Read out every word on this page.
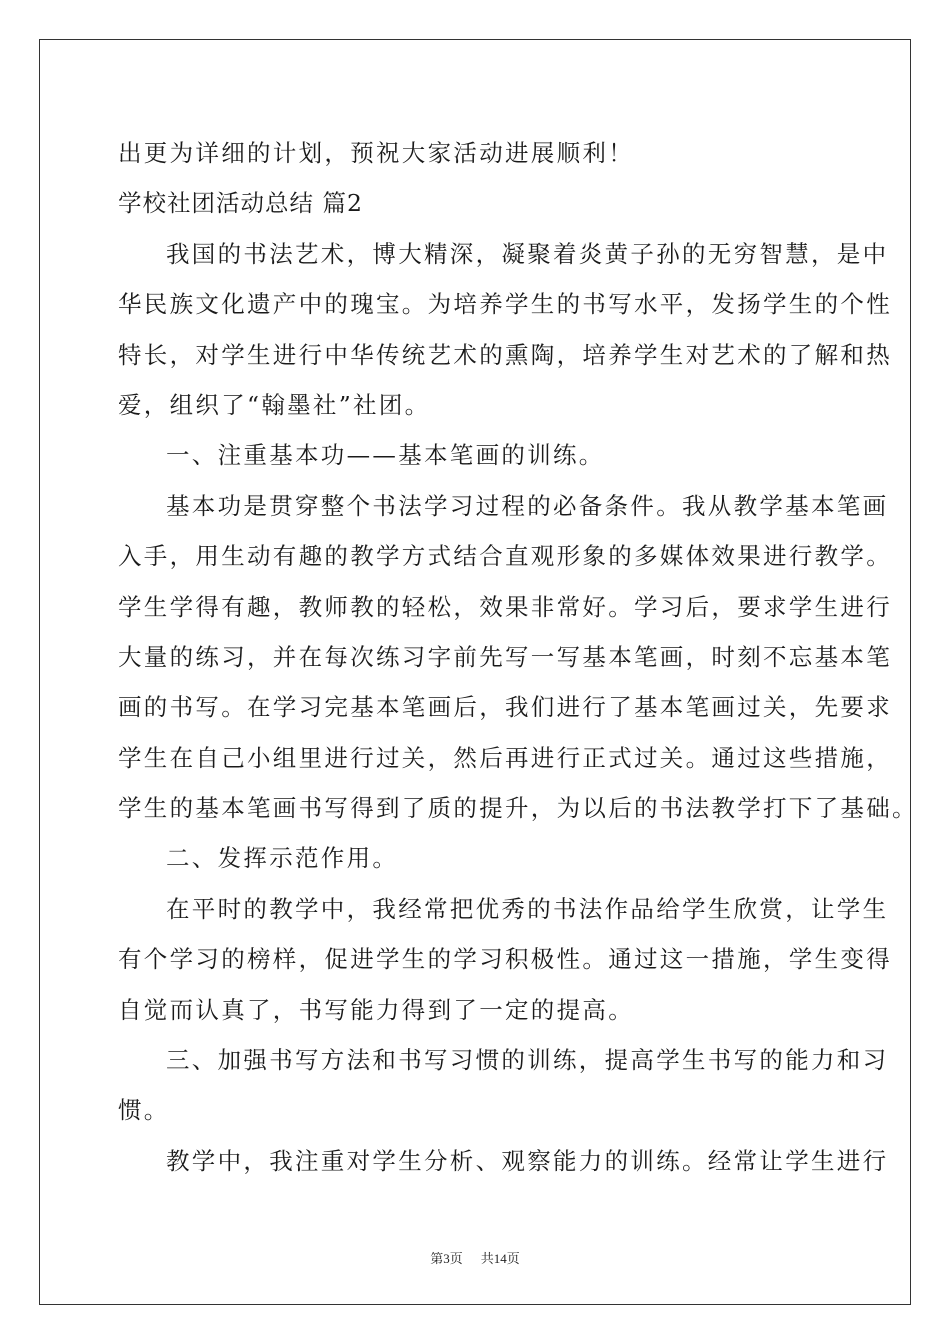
出更为详细的计划，预祝大家活动进展顺利！
学校社团活动总结 篇2
我国的书法艺术，博大精深，凝聚着炎黄子孙的无穷智慧，是中
华民族文化遗产中的瑰宝。为培养学生的书写水平，发扬学生的个性
特长，对学生进行中华传统艺术的熏陶，培养学生对艺术的了解和热
爱，组织了“翰墨社”社团。
一、注重基本功——基本笔画的训练。
基本功是贯穿整个书法学习过程的必备条件。我从教学基本笔画
入手，用生动有趣的教学方式结合直观形象的多媒体效果进行教学。
学生学得有趣，教师教的轻松，效果非常好。学习后，要求学生进行
大量的练习，并在每次练习字前先写一写基本笔画，时刻不忘基本笔
画的书写。在学习完基本笔画后，我们进行了基本笔画过关，先要求
学生在自己小组里进行过关，然后再进行正式过关。通过这些措施，
学生的基本笔画书写得到了质的提升，为以后的书法教学打下了基础。
二、发挥示范作用。
在平时的教学中，我经常把优秀的书法作品给学生欣赏，让学生
有个学习的榜样，促进学生的学习积极性。通过这一措施，学生变得
自觉而认真了，书写能力得到了一定的提高。
三、加强书写方法和书写习惯的训练，提高学生书写的能力和习
惯。
教学中，我注重对学生分析、观察能力的训练。经常让学生进行
第3页 共14页
